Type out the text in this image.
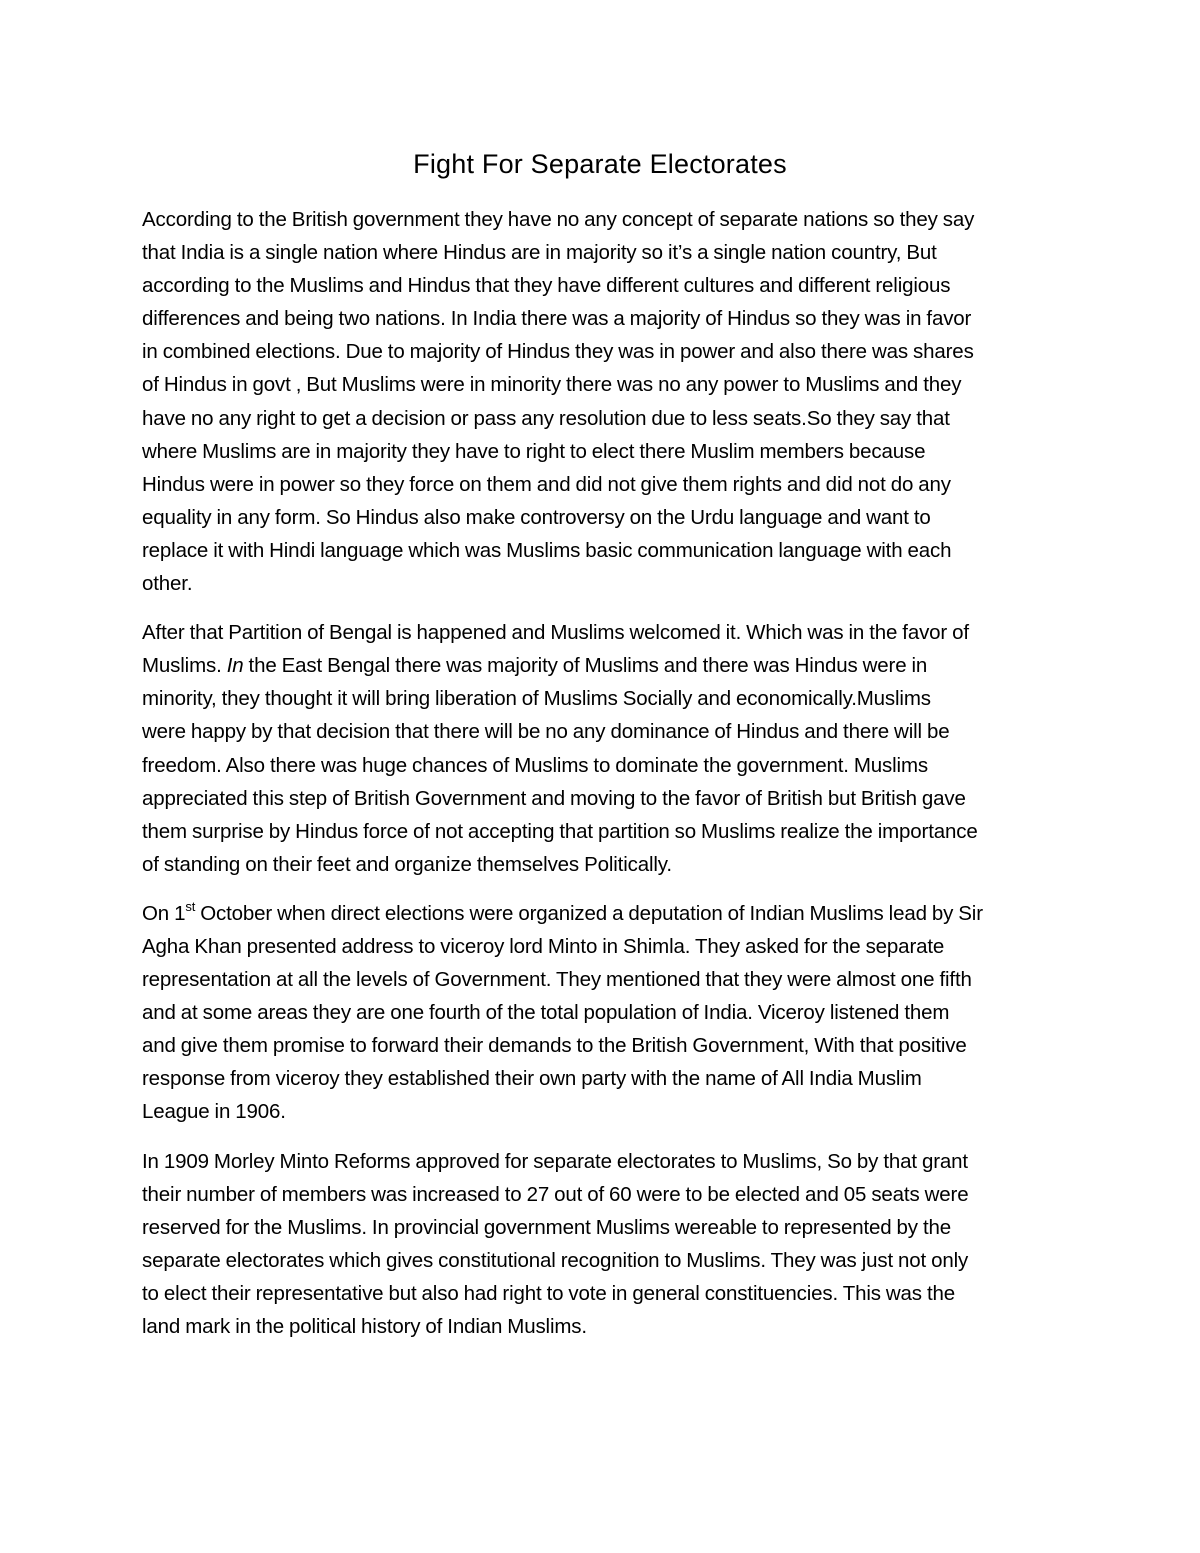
Fight For Separate Electorates

According to the British government they have no any concept of separate nations so they say
that India is a single nation where Hindus are in majority so it’s a single nation country, But
according to the Muslims and Hindus that they have different cultures and different religious
differences and being two nations. In India there was a majority of Hindus so they was in favor
in combined elections. Due to majority of Hindus they was in power and also there was shares
of Hindus in govt , But Muslims were in minority there was no any power to Muslims and they
have no any right to get a decision or pass any resolution due to less seats.So they say that
where Muslims are in majority they have to right to elect there Muslim members because
Hindus were in power so they force on them and did not give them rights and did not do any
equality in any form. So Hindus also make controversy on the Urdu language and want to
replace it with Hindi language which was Muslims basic communication language with each
other.

After that Partition of Bengal is happened and Muslims welcomed it. Which was in the favor of
Muslims. In the East Bengal there was majority of Muslims and there was Hindus were in
minority, they thought it will bring liberation of Muslims Socially and economically.Muslims
were happy by that decision that there will be no any dominance of Hindus and there will be
freedom. Also there was huge chances of Muslims to dominate the government. Muslims
appreciated this step of British Government and moving to the favor of British but British gave
them surprise by Hindus force of not accepting that partition so Muslims realize the importance
of standing on their feet and organize themselves Politically.

On 1st October when direct elections were organized a deputation of Indian Muslims lead by Sir
Agha Khan presented address to viceroy lord Minto in Shimla. They asked for the separate
representation at all the levels of Government. They mentioned that they were almost one fifth
and at some areas they are one fourth of the total population of India. Viceroy listened them
and give them promise to forward their demands to the British Government, With that positive
response from viceroy they established their own party with the name of All India Muslim
League in 1906.

In 1909 Morley Minto Reforms approved for separate electorates to Muslims, So by that grant
their number of members was increased to 27 out of 60 were to be elected and 05 seats were
reserved for the Muslims. In provincial government Muslims wereable to represented by the
separate electorates which gives constitutional recognition to Muslims. They was just not only
to elect their representative but also had right to vote in general constituencies. This was the
land mark in the political history of Indian Muslims.
